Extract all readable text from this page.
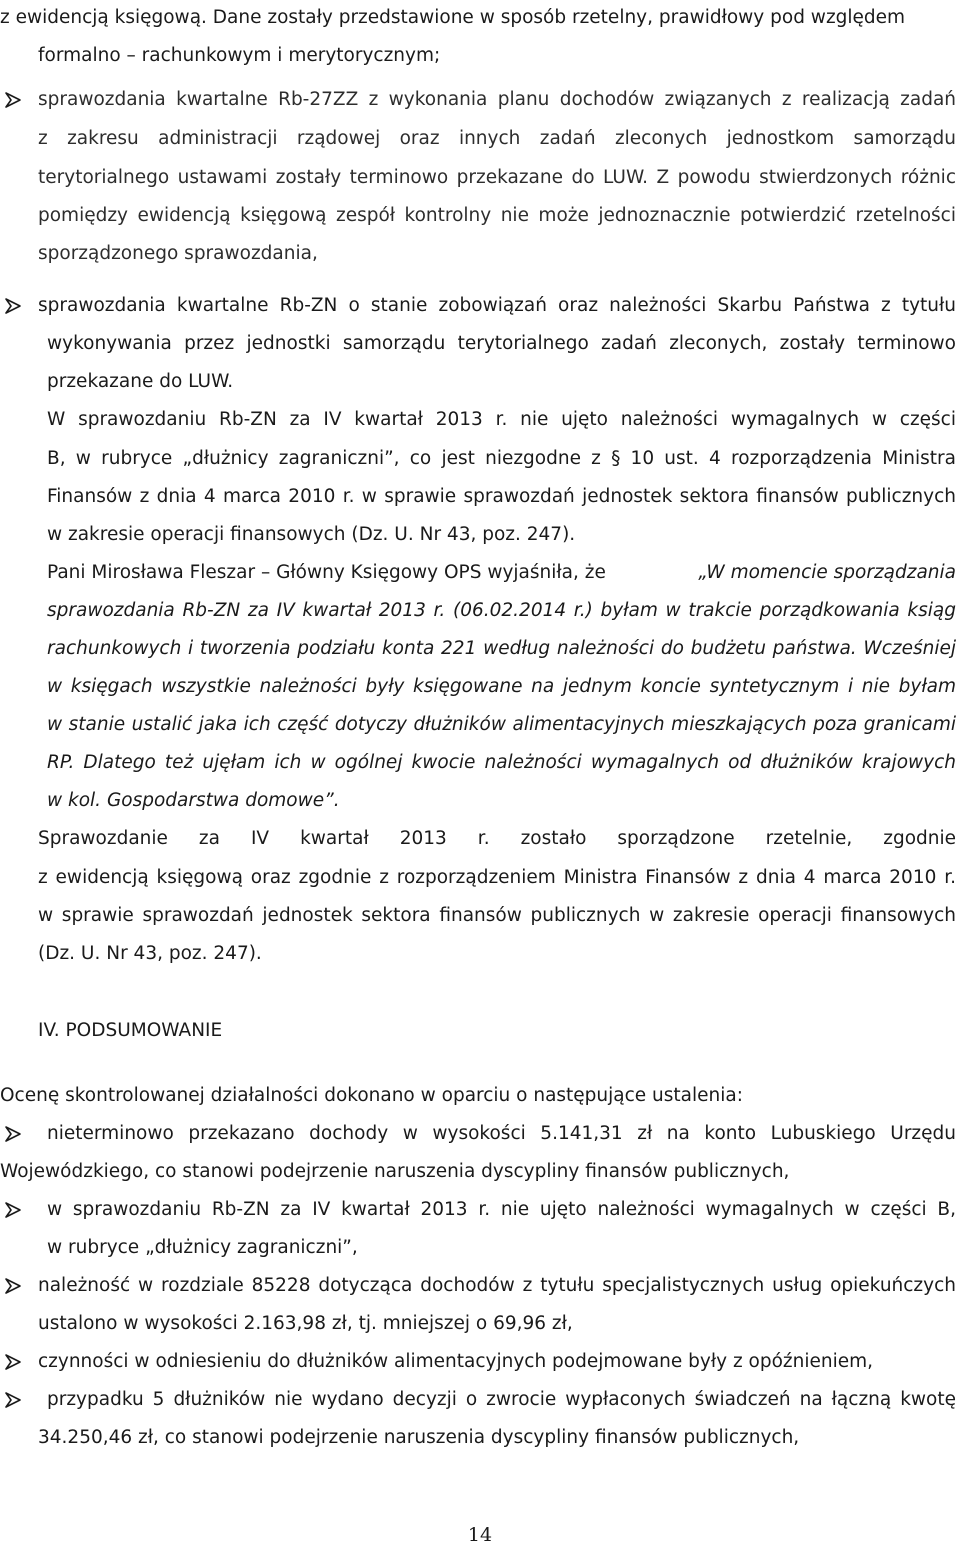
z ewidencją księgową. Dane zostały przedstawione w sposób rzetelny, prawidłowy pod względem
formalno – rachunkowym i merytorycznym;
sprawozdania kwartalne Rb-27ZZ z wykonania planu dochodów związanych z realizacją zadań
z zakresu administracji rządowej oraz innych zadań zleconych jednostkom samorządu
terytorialnego ustawami zostały terminowo przekazane do LUW. Z powodu stwierdzonych różnic
pomiędzy ewidencją księgową zespół kontrolny nie może jednoznacznie potwierdzić rzetelności
sporządzonego sprawozdania,
sprawozdania kwartalne Rb-ZN o stanie zobowiązań oraz należności Skarbu Państwa z tytułu
wykonywania przez jednostki samorządu terytorialnego zadań zleconych, zostały terminowo
przekazane do LUW.
W sprawozdaniu Rb-ZN za IV kwartał 2013 r. nie ujęto należności wymagalnych w części
B, w rubryce „dłużnicy zagraniczni”, co jest niezgodne z § 10 ust. 4 rozporządzenia Ministra
Finansów z dnia 4 marca 2010 r. w sprawie sprawozdań jednostek sektora finansów publicznych
w zakresie operacji finansowych (Dz. U. Nr 43, poz. 247).
Pani Mirosława Fleszar – Główny Księgowy OPS wyjaśniła, że	„W momencie sporządzania
sprawozdania Rb-ZN za IV kwartał 2013 r. (06.02.2014 r.) byłam w trakcie porządkowania ksiąg
rachunkowych i tworzenia podziału konta 221 według należności do budżetu państwa. Wcześniej
w księgach wszystkie należności były księgowane na jednym koncie syntetycznym i nie byłam
w stanie ustalić jaka ich część dotyczy dłużników alimentacyjnych mieszkających poza granicami
RP. Dlatego też ujęłam ich w ogólnej kwocie należności wymagalnych od dłużników krajowych
w kol. Gospodarstwa domowe”.
Sprawozdanie za IV kwartał 2013 r. zostało sporządzone rzetelnie, zgodnie
z ewidencją księgową oraz zgodnie z rozporządzeniem Ministra Finansów z dnia 4 marca 2010 r.
w sprawie sprawozdań jednostek sektora finansów publicznych w zakresie operacji finansowych
(Dz. U. Nr 43, poz. 247).
IV. PODSUMOWANIE
Ocenę skontrolowanej działalności dokonano w oparciu o następujące ustalenia:
nieterminowo przekazano dochody w wysokości 5.141,31 zł na konto Lubuskiego Urzędu
Wojewódzkiego, co stanowi podejrzenie naruszenia dyscypliny finansów publicznych,
w sprawozdaniu Rb-ZN za IV kwartał 2013 r. nie ujęto należności wymagalnych w części B,
w rubryce „dłużnicy zagraniczni”,
należność w rozdziale 85228 dotycząca dochodów z tytułu specjalistycznych usług opiekuńczych
ustalono w wysokości 2.163,98 zł, tj. mniejszej o 69,96 zł,
czynności w odniesieniu do dłużników alimentacyjnych podejmowane były z opóźnieniem,
przypadku 5 dłużników nie wydano decyzji o zwrocie wypłaconych świadczeń na łączną kwotę
34.250,46 zł, co stanowi podejrzenie naruszenia dyscypliny finansów publicznych,
14
